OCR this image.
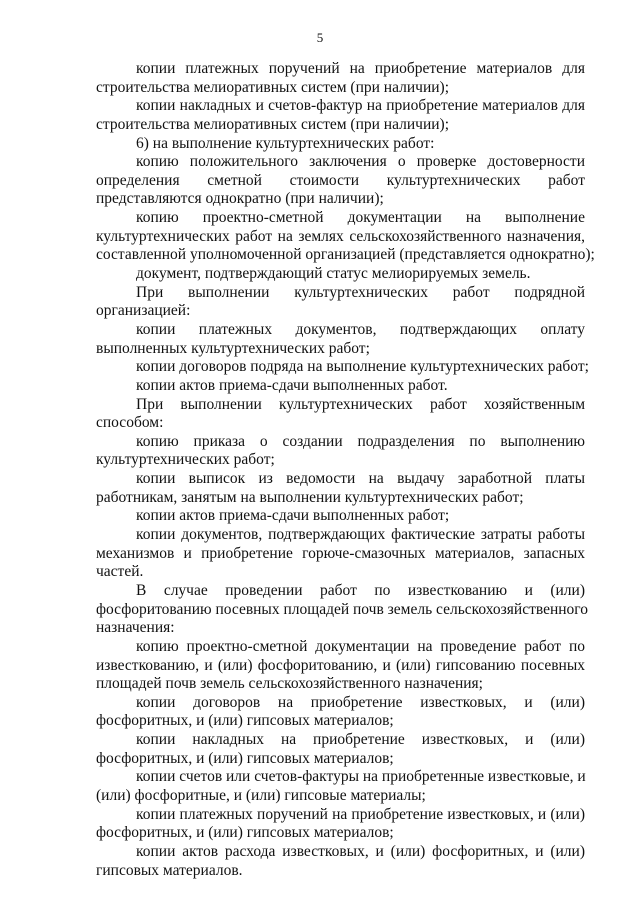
5
копии платежных поручений на приобретение материалов для
строительства мелиоративных систем (при наличии);
копии накладных и счетов-фактур на приобретение материалов для
строительства мелиоративных систем (при наличии);
6) на выполнение культуртехнических работ:
копию положительного заключения о проверке достоверности
определения сметной стоимости культуртехнических работ
представляются однократно (при наличии);
копию проектно-сметной документации на выполнение
культуртехнических работ на землях сельскохозяйственного назначения,
составленной уполномоченной организацией (представляется однократно);
документ, подтверждающий статус мелиорируемых земель.
При выполнении культуртехнических работ подрядной
организацией:
копии платежных документов, подтверждающих оплату
выполненных культуртехнических работ;
копии договоров подряда на выполнение культуртехнических работ;
копии актов приема-сдачи выполненных работ.
При выполнении культуртехнических работ хозяйственным
способом:
копию приказа о создании подразделения по выполнению
культуртехнических работ;
копии выписок из ведомости на выдачу заработной платы
работникам, занятым на выполнении культуртехнических работ;
копии актов приема-сдачи выполненных работ;
копии документов, подтверждающих фактические затраты работы
механизмов и приобретение горюче-смазочных материалов, запасных
частей.
В случае проведении работ по известкованию и (или)
фосфоритованию посевных площадей почв земель сельскохозяйственного
назначения:
копию проектно-сметной документации на проведение работ по
известкованию, и (или) фосфоритованию, и (или) гипсованию посевных
площадей почв земель сельскохозяйственного назначения;
копии договоров на приобретение известковых, и (или)
фосфоритных, и (или) гипсовых материалов;
копии накладных на приобретение известковых, и (или)
фосфоритных, и (или) гипсовых материалов;
копии счетов или счетов-фактуры на приобретенные известковые, и
(или) фосфоритные, и (или) гипсовые материалы;
копии платежных поручений на приобретение известковых, и (или)
фосфоритных, и (или) гипсовых материалов;
копии актов расхода известковых, и (или) фосфоритных, и (или)
гипсовых материалов.
